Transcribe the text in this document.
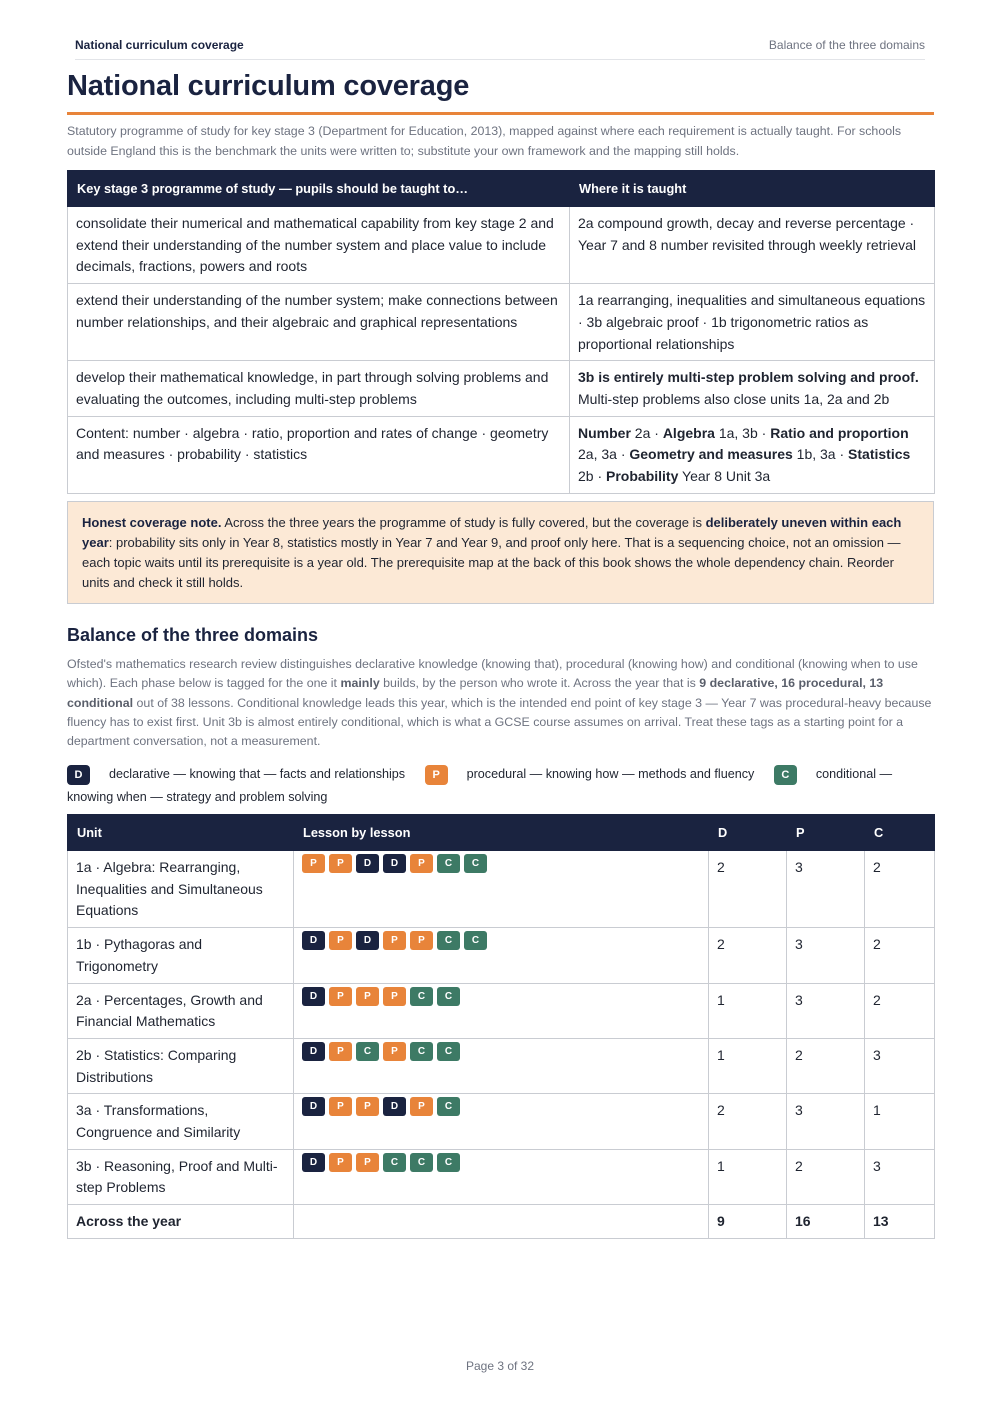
National curriculum coverage	Balance of the three domains
National curriculum coverage

Statutory programme of study for key stage 3 (Department for Education, 2013), mapped against where each requirement is actually taught. For schools outside England this is the benchmark the units were written to; substitute your own framework and the mapping still holds.

Key stage 3 programme of study — pupils should be taught to…	Where it is taught
consolidate their numerical and mathematical capability from key stage 2 and extend their understanding of the number system and place value to include decimals, fractions, powers and roots	2a compound growth, decay and reverse percentage · Year 7 and 8 number revisited through weekly retrieval
extend their understanding of the number system; make connections between number relationships, and their algebraic and graphical representations	1a rearranging, inequalities and simultaneous equations · 3b algebraic proof · 1b trigonometric ratios as proportional relationships
develop their mathematical knowledge, in part through solving problems and evaluating the outcomes, including multi-step problems	3b is entirely multi-step problem solving and proof. Multi-step problems also close units 1a, 2a and 2b
Content: number · algebra · ratio, proportion and rates of change · geometry and measures · probability · statistics	Number 2a · Algebra 1a, 3b · Ratio and proportion 2a, 3a · Geometry and measures 1b, 3a · Statistics 2b · Probability Year 8 Unit 3a
Honest coverage note. Across the three years the programme of study is fully covered, but the coverage is deliberately uneven within each year: probability sits only in Year 8, statistics mostly in Year 7 and Year 9, and proof only here. That is a sequencing choice, not an omission — each topic waits until its prerequisite is a year old. The prerequisite map at the back of this book shows the whole dependency chain. Reorder units and check it still holds.
Balance of the three domains

Ofsted's mathematics research review distinguishes declarative knowledge (knowing that), procedural (knowing how) and conditional (knowing when to use which). Each phase below is tagged for the one it mainly builds, by the person who wrote it. Across the year that is 9 declarative, 16 procedural, 13 conditional out of 38 lessons. Conditional knowledge leads this year, which is the intended end point of key stage 3 — Year 7 was procedural-heavy because fluency has to exist first. Unit 3b is almost entirely conditional, which is what a GCSE course assumes on arrival. Treat these tags as a starting point for a department conversation, not a measurement.

D declarative — knowing that — facts and relationships P procedural — knowing how — methods and fluency C conditional — knowing when — strategy and problem solving
Unit	Lesson by lesson	D	P	C
1a · Algebra: Rearranging, Inequalities and Simultaneous Equations	P P D D P C C	2	3	2
1b · Pythagoras and Trigonometry	D P D P P C C	2	3	2
2a · Percentages, Growth and Financial Mathematics	D P P P C C	1	3	2
2b · Statistics: Comparing Distributions	D P C P C C	1	2	3
3a · Transformations, Congruence and Similarity	D P P D P C	2	3	1
3b · Reasoning, Proof and Multi-step Problems	D P P C C C	1	2	3
Across the year		9	16	13
Page 3 of 32
